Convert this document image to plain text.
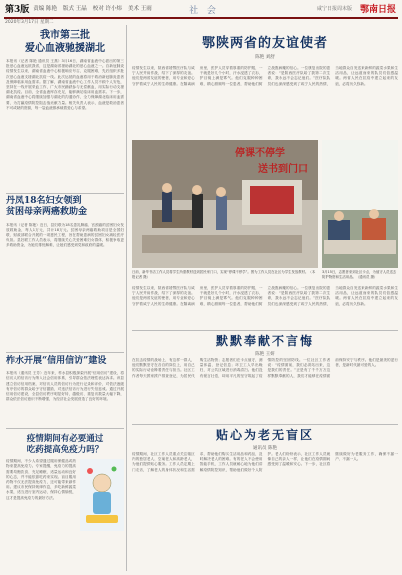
第3版 责编 陈艳 版式 王晶 校对 许小炜 美术 王雨	社 会	咸宁日报周末版 鄂南日报
2020年3月17日 星期二
我市第三批
爱心血液驰援湖北
本报讯（记者 陈艳 通讯员 王燕）3月16日，湖南省血液中心派出的第三批爱心血液运抵我省，这是湖南省援助湖北的爱心血液之一。自新冠肺炎疫情发生以来，湖南省血液中心积极响应号召，克服困难，先后组织多批次爱心血液支援湖北抗疫一线。此次运抵的血液将用于救治新冠肺炎患者及保障临床用血需求。据了解，湖南省血液中心工作人员不顾个人安危，坚持在一线开展采血工作，广大市民踊跃参与无偿献血，用实际行动支援湖北抗疫。目前，全省血液库存充足，能够满足临床用血需求。下一步，湖南省血液中心将继续加强与湖北的沟通协作，全力保障湖北临床用血需要，为打赢疫情防控阻击战贡献力量。相关负责人表示，血液是救治患者不可或缺的资源，每一袋血液都承载着爱心与希望。
丹凤18名妇女领到
贫困母亲两癌救助金
本报讯（记者 陈艳）近日，县妇联为18名患乳腺癌、宫颈癌的贫困妇女发放救助金，每人1万元，共计18万元。贫困母亲两癌救助项目是全国妇联、财政部联合开展的一项惠民工程，旨在帮助患病的贫困妇女减轻医疗负担。县妇联工作人员表示，将继续关心关爱困难妇女群体，积极争取更多救助资金，为她们排忧解难，让她们感受到党和政府的温暖。
柞水开展“信用信访”建设
本报讯（通讯员 王芳）近年来，柞水县积极探索开展“信用信访”建设，将信访人的信访行为纳入社会信用体系，引导群众依法理性表达诉求。该县建立信访信用档案，对信访人员的信访行为进行记录和评价，对依法逐级有序信访的群众给予守信激励，对违法信访行为进行失信惩戒。通过开展信用信访建设，全县信访秩序明显好转，越级访、重复访数量大幅下降，群众依法信访意识不断增强，为经济社会发展营造了良好的环境。
疫情期间有必要通过
吃药提高免疫力吗？
疫情期间，不少人希望通过服用保健品或药物来提高免疫力。专家提醒，免疫力的提高需要均衡饮食、充足睡眠、适量运动和良好的心态，并不能依靠吃药来实现。盲目服用药物不仅无法提高免疫力，还可能带来副作用。建议市民保持规律作息，多吃新鲜蔬菜水果，适当进行室内运动，保持心情愉悦，这才是提高免疫力的最好方法。
鄂陕两省的友谊使者
陈艳 刘舒
疫情发生以来，陕西省援鄂医疗队与咸宁人民并肩作战，结下了深厚的友谊。他们是两省友谊的使者，用专业和爱心守护着咸宁人民的生命健康。在隔离病房里，医护人员穿着厚重的防护服，一干就是好几个小时，汗水浸透了衣衫，护目镜上满是雾气。他们克服种种困难，精心照顾每一位患者，帮助他们树立战胜病魔的信心。一位康复出院的患者说：“是陕西医疗队给了我第二次生命，我永远不会忘记他们。”医疗队队员们也深深感受到了咸宁人民的热情，当地群众自发送来新鲜的蔬菜水果和生活用品，让远道而来的队员们倍感温暖。两省人民在抗疫中建立起来的友谊，必将历久弥新。
日前，新华书店工作人员将学生所需教材送到居民家门口，实现“停课不停学”。图为工作人员在社区为学生发放教材。（本报记者 摄）
停课不停学
送书到门口
3月15日，志愿者来到社区卡点，为值守人员送去防护物资和生活用品。（通讯员 摄）
疫情发生以来，陕西省援鄂医疗队与咸宁人民并肩作战，结下了深厚的友谊。他们是两省友谊的使者，用专业和爱心守护着咸宁人民的生命健康。在隔离病房里，医护人员穿着厚重的防护服，一干就是好几个小时，汗水浸透了衣衫，护目镜上满是雾气。他们克服种种困难，精心照顾每一位患者，帮助他们树立战胜病魔的信心。一位康复出院的患者说：“是陕西医疗队给了我第二次生命，我永远不会忘记他们。”医疗队队员们也深深感受到了咸宁人民的热情，当地群众自发送来新鲜的蔬菜水果和生活用品，让远道而来的队员们倍感温暖。两省人民在抗疫中建立起来的友谊，必将历久弥新。
默默奉献不言悔
陈艳 王妍
在抗击疫情的战场上，有这样一群人，他们默默坚守在各自的岗位上，用自己的实际行动诠释着责任与担当。社区工作者每天挨家挨户排查登记，为居民代购生活物资；志愿者们在卡点值守，测量体温、登记信息；环卫工人早出晚归，对公共区域进行消毒清扫。他们没有豪言壮语，却用平凡的坚守筑起了疫情防控的坚固防线。一位社区工作者说：“疫情面前，我们必须站出来，这是我们的责任。”正是有了千千万万这样默默奉献的人，我们才能够在疫情面前保持安宁与秩序。他们是最美的逆行者，是新时代最可爱的人。
贴心为老无盲区
通讯员 陈艳
疫情期间，社区工作人员重点关注辖区内的独居老人、空巢老人和高龄老人，为他们提供贴心服务。工作人员定期上门走访，了解老人的身体状况和生活需求，帮助他们购买生活用品和药品，及时解决老人的困难。有的老人不会使用智能手机，工作人员就耐心地为他们讲解疫情防控知识，帮助他们做好个人防护。老人们纷纷表示，社区工作人员就像自己的亲人一样，让他们在疫情期间感受到了温暖和安心。下一步，社区将继续做好为老服务工作，确保不漏一户、不漏一人。
